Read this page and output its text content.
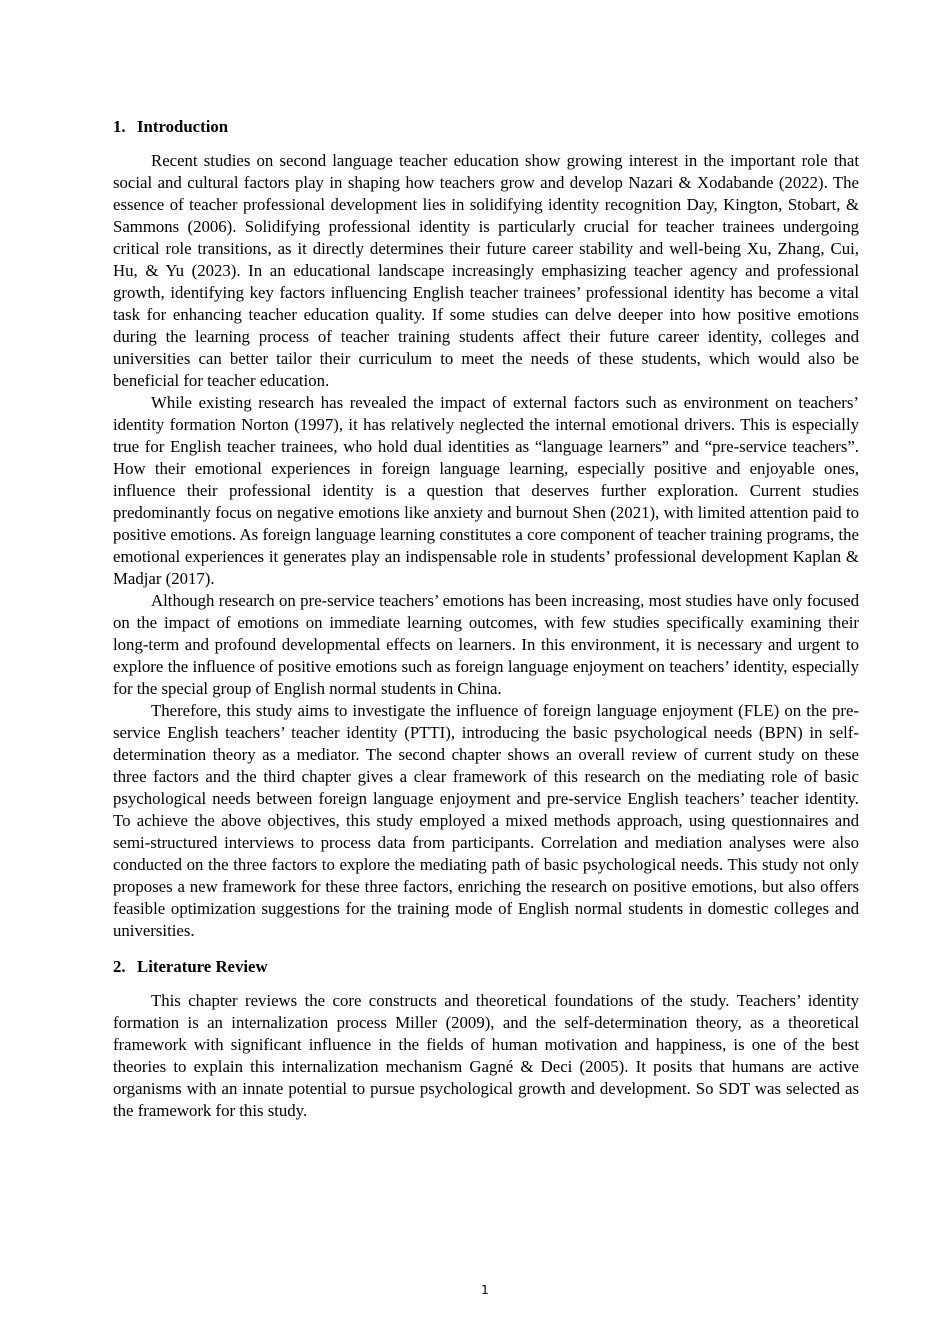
1. Introduction

Recent studies on second language teacher education show growing interest in the important role that social and cultural factors play in shaping how teachers grow and develop Nazari & Xodabande (2022). The essence of teacher professional development lies in solidifying identity recognition Day, Kington, Stobart, & Sammons (2006). Solidifying professional identity is particularly crucial for teacher trainees undergoing critical role transitions, as it directly determines their future career stability and well-being Xu, Zhang, Cui, Hu, & Yu (2023). In an educational landscape increasingly emphasizing teacher agency and professional growth, identifying key factors influencing English teacher trainees’ professional identity has become a vital task for enhancing teacher education quality. If some studies can delve deeper into how positive emotions during the learning process of teacher training students affect their future career identity, colleges and universities can better tailor their curriculum to meet the needs of these students, which would also be beneficial for teacher education.

While existing research has revealed the impact of external factors such as environment on teachers’ identity formation Norton (1997), it has relatively neglected the internal emotional drivers. This is especially true for English teacher trainees, who hold dual identities as “language learners” and “pre-service teachers”. How their emotional experiences in foreign language learning, especially positive and enjoyable ones, influence their professional identity is a question that deserves further exploration. Current studies predominantly focus on negative emotions like anxiety and burnout Shen (2021), with limited attention paid to positive emotions. As foreign language learning constitutes a core component of teacher training programs, the emotional experiences it generates play an indispensable role in students’ professional development Kaplan & Madjar (2017).

Although research on pre-service teachers’ emotions has been increasing, most studies have only focused on the impact of emotions on immediate learning outcomes, with few studies specifically examining their long-term and profound developmental effects on learners. In this environment, it is necessary and urgent to explore the influence of positive emotions such as foreign language enjoyment on teachers’ identity, especially for the special group of English normal students in China.

Therefore, this study aims to investigate the influence of foreign language enjoyment (FLE) on the pre-service English teachers’ teacher identity (PTTI), introducing the basic psychological needs (BPN) in self-determination theory as a mediator. The second chapter shows an overall review of current study on these three factors and the third chapter gives a clear framework of this research on the mediating role of basic psychological needs between foreign language enjoyment and pre-service English teachers’ teacher identity. To achieve the above objectives, this study employed a mixed methods approach, using questionnaires and semi-structured interviews to process data from participants. Correlation and mediation analyses were also conducted on the three factors to explore the mediating path of basic psychological needs. This study not only proposes a new framework for these three factors, enriching the research on positive emotions, but also offers feasible optimization suggestions for the training mode of English normal students in domestic colleges and universities.

2. Literature Review

This chapter reviews the core constructs and theoretical foundations of the study. Teachers’ identity formation is an internalization process Miller (2009), and the self-determination theory, as a theoretical framework with significant influence in the fields of human motivation and happiness, is one of the best theories to explain this internalization mechanism Gagné & Deci (2005). It posits that humans are active organisms with an innate potential to pursue psychological growth and development. So SDT was selected as the framework for this study.

1
